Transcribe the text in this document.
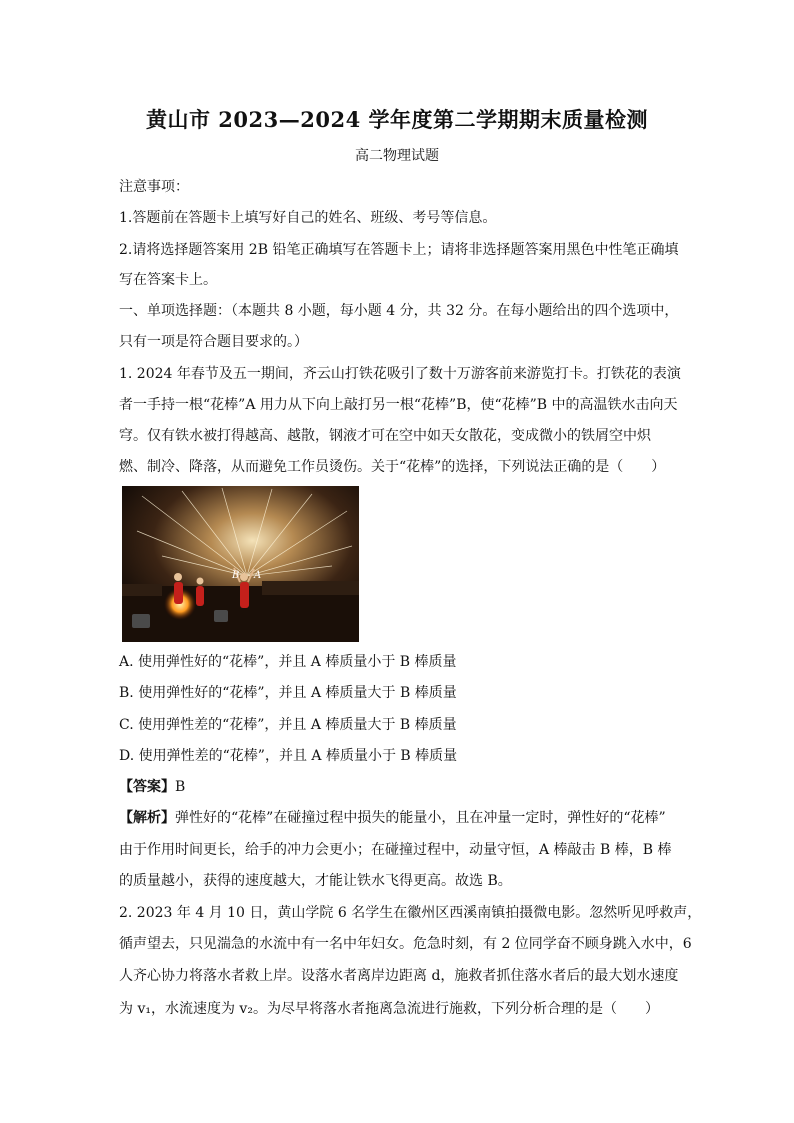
黄山市 2023—2024 学年度第二学期期末质量检测
高二物理试题
注意事项：
1.答题前在答题卡上填写好自己的姓名、班级、考号等信息。
2.请将选择题答案用 2B 铅笔正确填写在答题卡上；请将非选择题答案用黑色中性笔正确填
写在答案卡上。
一、单项选择题：（本题共 8 小题，每小题 4 分，共 32 分。在每小题给出的四个选项中，
只有一项是符合题目要求的。）
1. 2024 年春节及五一期间，齐云山打铁花吸引了数十万游客前来游览打卡。打铁花的表演
者一手持一根“花棒”A 用力从下向上敲打另一根“花棒”B，使“花棒”B 中的高温铁水击向天
穹。仅有铁水被打得越高、越散，钢液才可在空中如天女散花，变成微小的铁屑空中炽
燃、制冷、降落，从而避免工作员烫伤。关于“花棒”的选择，下列说法正确的是（　　）
B A
A. 使用弹性好的“花棒”，并且 A 棒质量小于 B 棒质量
B. 使用弹性好的“花棒”，并且 A 棒质量大于 B 棒质量
C. 使用弹性差的“花棒”，并且 A 棒质量大于 B 棒质量
D. 使用弹性差的“花棒”，并且 A 棒质量小于 B 棒质量
【答案】B
【解析】弹性好的“花棒”在碰撞过程中损失的能量小，且在冲量一定时，弹性好的“花棒”
由于作用时间更长，给手的冲力会更小；在碰撞过程中，动量守恒，A 棒敲击 B 棒，B 棒
的质量越小，获得的速度越大，才能让铁水飞得更高。故选 B。
2. 2023 年 4 月 10 日，黄山学院 6 名学生在徽州区西溪南镇拍摄微电影。忽然听见呼救声，
循声望去，只见湍急的水流中有一名中年妇女。危急时刻，有 2 位同学奋不顾身跳入水中，6
人齐心协力将落水者救上岸。设落水者离岸边距离 d，施救者抓住落水者后的最大划水速度
为 v₁，水流速度为 v₂。为尽早将落水者拖离急流进行施救，下列分析合理的是（　　）
